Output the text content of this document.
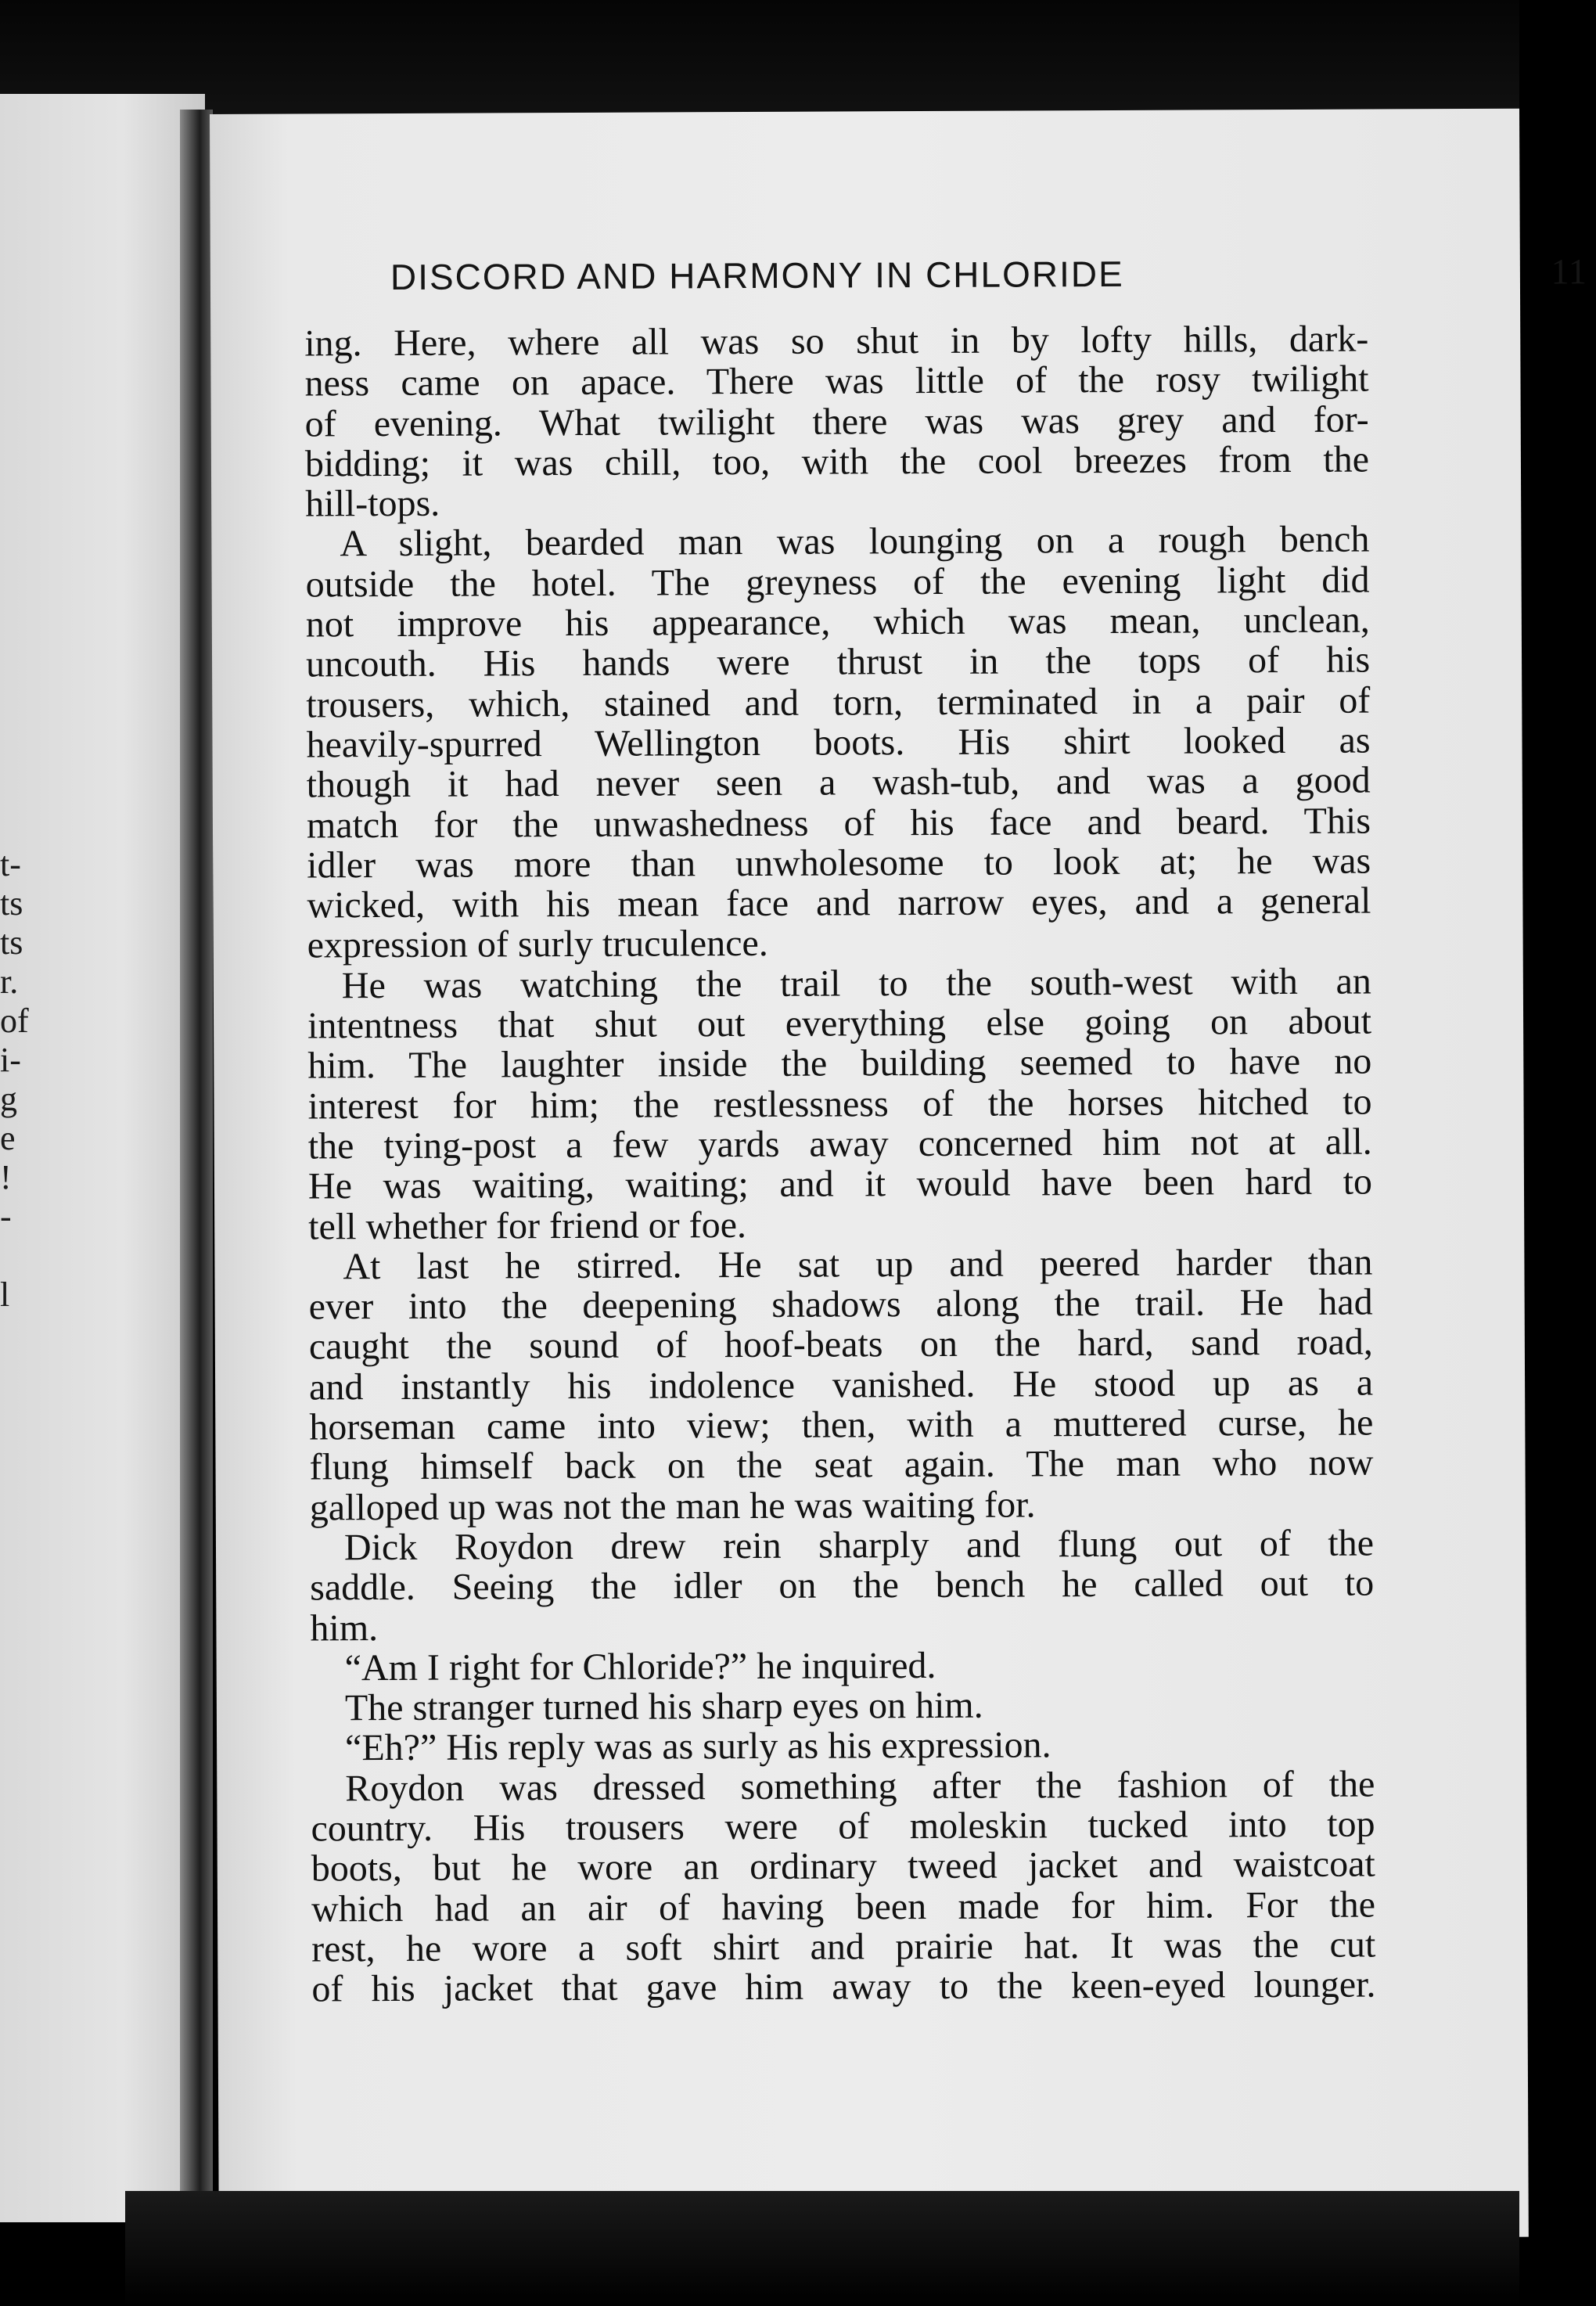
t-
ts
ts
r.
of
i-
g
e
!
-
l
DISCORD AND HARMONY IN CHLORIDE	11
ing. Here, where all was so shut in by lofty hills, dark-
ness came on apace. There was little of the rosy twilight
of evening. What twilight there was was grey and for-
bidding; it was chill, too, with the cool breezes from the
hill-tops.
A slight, bearded man was lounging on a rough bench
outside the hotel. The greyness of the evening light did
not improve his appearance, which was mean, unclean,
uncouth. His hands were thrust in the tops of his
trousers, which, stained and torn, terminated in a pair of
heavily-spurred Wellington boots. His shirt looked as
though it had never seen a wash-tub, and was a good
match for the unwashedness of his face and beard. This
idler was more than unwholesome to look at; he was
wicked, with his mean face and narrow eyes, and a general
expression of surly truculence.
He was watching the trail to the south-west with an
intentness that shut out everything else going on about
him. The laughter inside the building seemed to have no
interest for him; the restlessness of the horses hitched to
the tying-post a few yards away concerned him not at all.
He was waiting, waiting; and it would have been hard to
tell whether for friend or foe.
At last he stirred. He sat up and peered harder than
ever into the deepening shadows along the trail. He had
caught the sound of hoof-beats on the hard, sand road,
and instantly his indolence vanished. He stood up as a
horseman came into view; then, with a muttered curse, he
flung himself back on the seat again. The man who now
galloped up was not the man he was waiting for.
Dick Roydon drew rein sharply and flung out of the
saddle. Seeing the idler on the bench he called out to
him.
“Am I right for Chloride?” he inquired.
The stranger turned his sharp eyes on him.
“Eh?” His reply was as surly as his expression.
Roydon was dressed something after the fashion of the
country. His trousers were of moleskin tucked into top
boots, but he wore an ordinary tweed jacket and waistcoat
which had an air of having been made for him. For the
rest, he wore a soft shirt and prairie hat. It was the cut
of his jacket that gave him away to the keen-eyed lounger.
